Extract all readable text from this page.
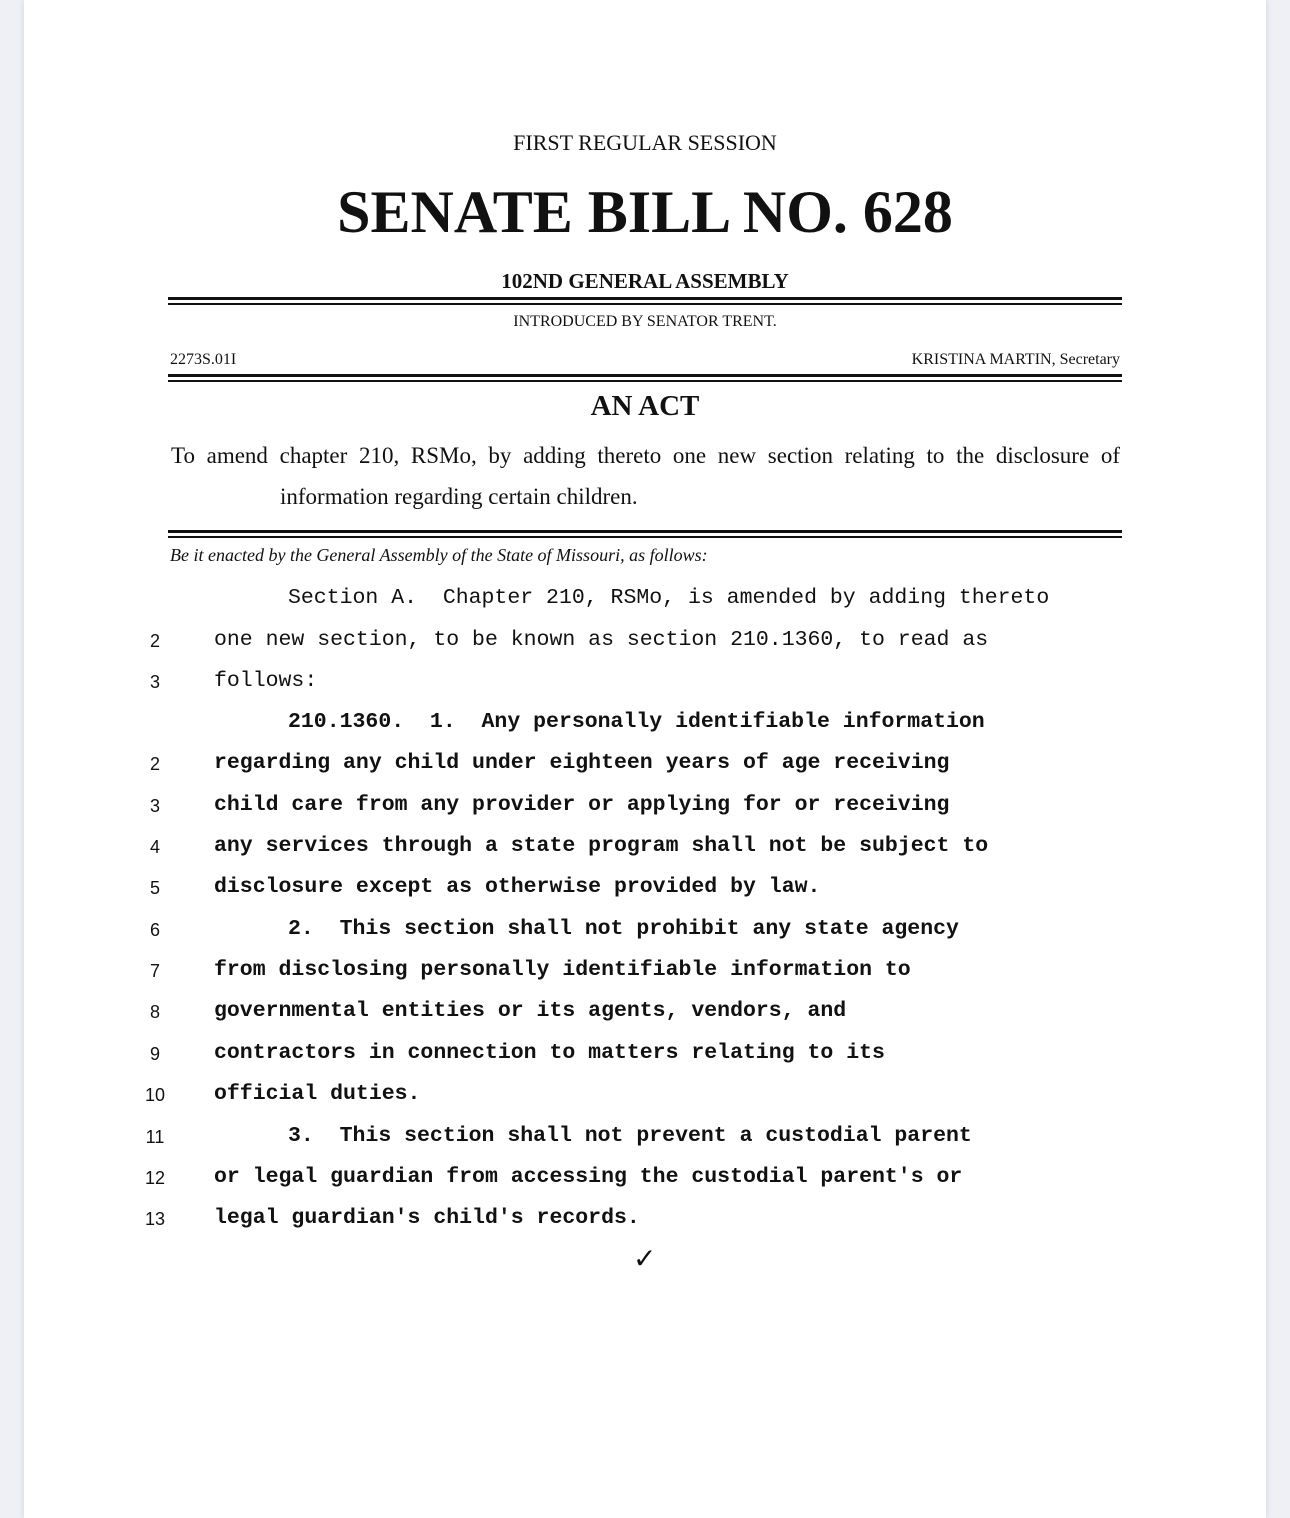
FIRST REGULAR SESSION
SENATE BILL NO. 628
102ND GENERAL ASSEMBLY
INTRODUCED BY SENATOR TRENT.
2273S.01I	KRISTINA MARTIN, Secretary
AN ACT
To amend chapter 210, RSMo, by adding thereto one new section relating to the disclosure of
information regarding certain children.
Be it enacted by the General Assembly of the State of Missouri, as follows:
Section A.  Chapter 210, RSMo, is amended by adding thereto
2	one new section, to be known as section 210.1360, to read as
3	follows:
210.1360.  1.  Any personally identifiable information
2	regarding any child under eighteen years of age receiving
3	child care from any provider or applying for or receiving
4	any services through a state program shall not be subject to
5	disclosure except as otherwise provided by law.
6	2.  This section shall not prohibit any state agency
7	from disclosing personally identifiable information to
8	governmental entities or its agents, vendors, and
9	contractors in connection to matters relating to its
10 official duties.
11	3.  This section shall not prevent a custodial parent
12 or legal guardian from accessing the custodial parent's or
13 legal guardian's child's records.
✓
